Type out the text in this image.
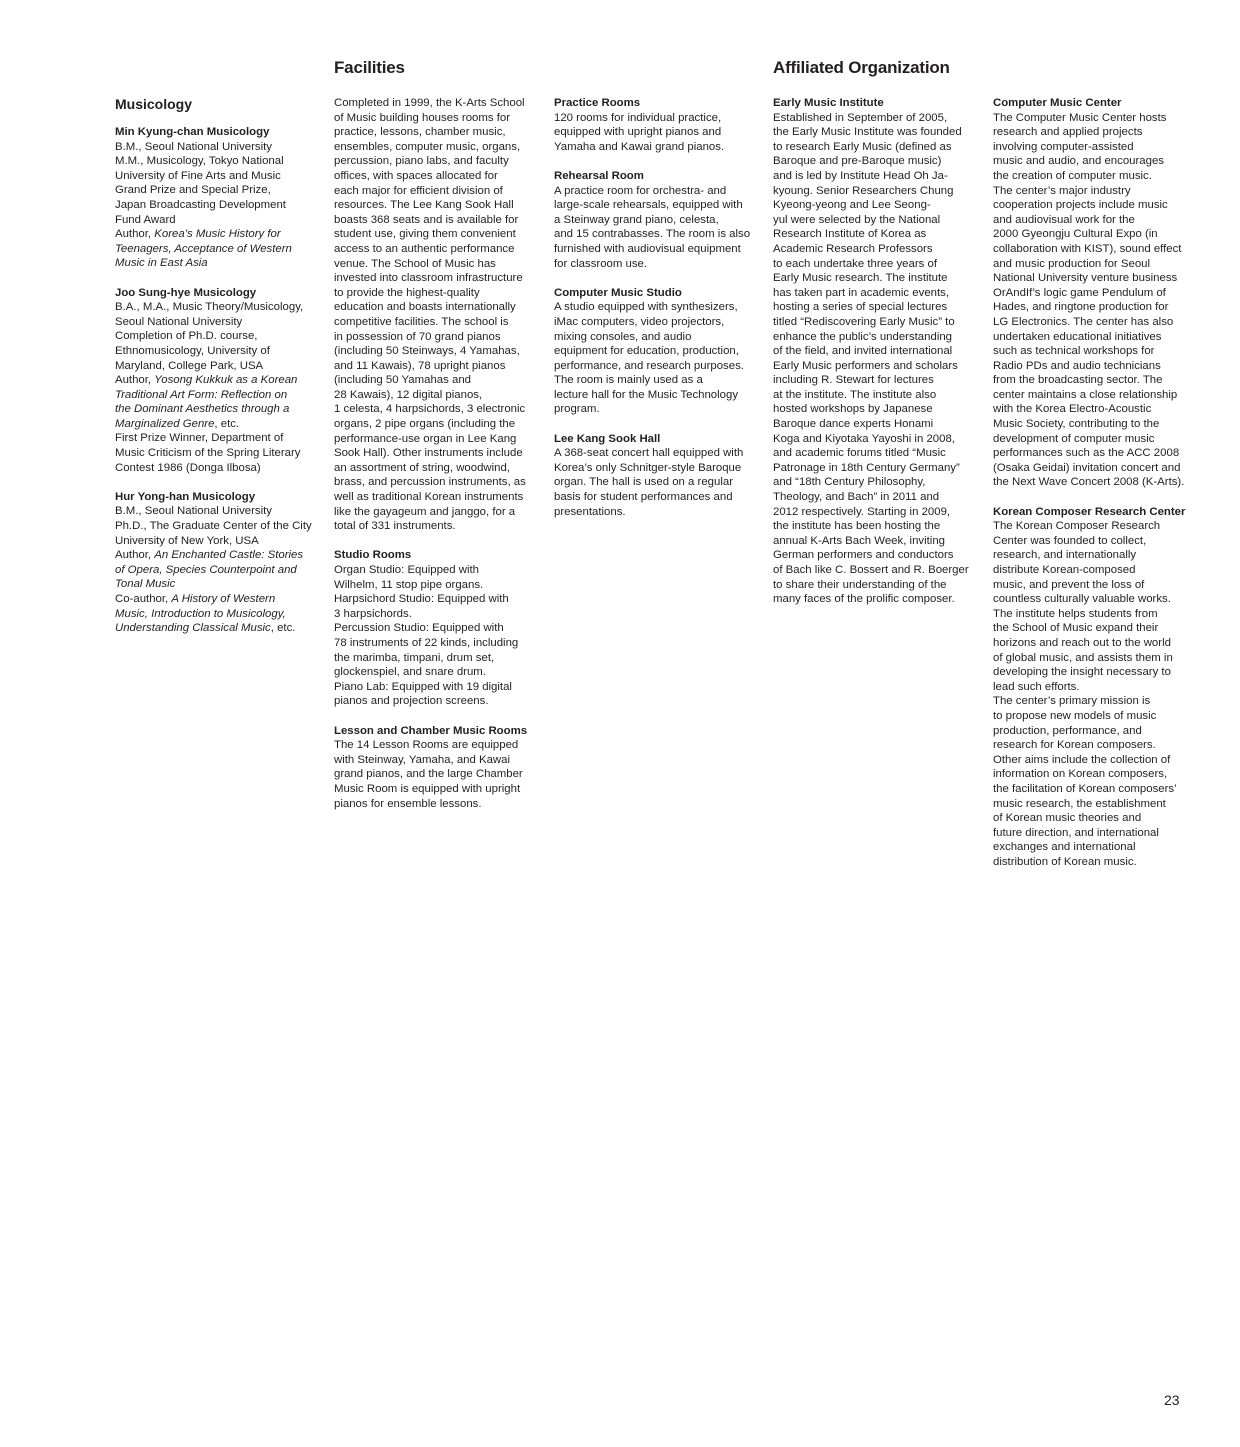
Facilities	Affiliated Organization
Musicology
Min Kyung-chan Musicology
B.M., Seoul National University
M.M., Musicology, Tokyo National
University of Fine Arts and Music
Grand Prize and Special Prize,
Japan Broadcasting Development
Fund Award
Author, Korea’s Music History for
Teenagers, Acceptance of Western
Music in East Asia
Joo Sung-hye Musicology
B.A., M.A., Music Theory/Musicology,
Seoul National University
Completion of Ph.D. course,
Ethnomusicology, University of
Maryland, College Park, USA
Author, Yosong Kukkuk as a Korean
Traditional Art Form: Reflection on
the Dominant Aesthetics through a
Marginalized Genre, etc.
First Prize Winner, Department of
Music Criticism of the Spring Literary
Contest 1986 (Donga Ilbosa)
Hur Yong-han Musicology
B.M., Seoul National University
Ph.D., The Graduate Center of the City
University of New York, USA
Author, An Enchanted Castle: Stories
of Opera, Species Counterpoint and
Tonal Music
Co-author, A History of Western
Music, Introduction to Musicology,
Understanding Classical Music, etc.
Completed in 1999, the K-Arts School
of Music building houses rooms for
practice, lessons, chamber music,
ensembles, computer music, organs,
percussion, piano labs, and faculty
offices, with spaces allocated for
each major for efficient division of
resources. The Lee Kang Sook Hall
boasts 368 seats and is available for
student use, giving them convenient
access to an authentic performance
venue. The School of Music has
invested into classroom infrastructure
to provide the highest-quality
education and boasts internationally
competitive facilities. The school is
in possession of 70 grand pianos
(including 50 Steinways, 4 Yamahas,
and 11 Kawais), 78 upright pianos
(including 50 Yamahas and
28 Kawais), 12 digital pianos,
1 celesta, 4 harpsichords, 3 electronic
organs, 2 pipe organs (including the
performance-use organ in Lee Kang
Sook Hall). Other instruments include
an assortment of string, woodwind,
brass, and percussion instruments, as
well as traditional Korean instruments
like the gayageum and janggo, for a
total of 331 instruments.
Studio Rooms
Organ Studio: Equipped with
Wilhelm, 11 stop pipe organs.
Harpsichord Studio: Equipped with
3 harpsichords.
Percussion Studio: Equipped with
78 instruments of 22 kinds, including
the marimba, timpani, drum set,
glockenspiel, and snare drum.
Piano Lab: Equipped with 19 digital
pianos and projection screens.
Lesson and Chamber Music Rooms
The 14 Lesson Rooms are equipped
with Steinway, Yamaha, and Kawai
grand pianos, and the large Chamber
Music Room is equipped with upright
pianos for ensemble lessons.
Practice Rooms
120 rooms for individual practice,
equipped with upright pianos and
Yamaha and Kawai grand pianos.
Rehearsal Room
A practice room for orchestra- and
large-scale rehearsals, equipped with
a Steinway grand piano, celesta,
and 15 contrabasses. The room is also
furnished with audiovisual equipment
for classroom use.
Computer Music Studio
A studio equipped with synthesizers,
iMac computers, video projectors,
mixing consoles, and audio
equipment for education, production,
performance, and research purposes.
The room is mainly used as a
lecture hall for the Music Technology
program.
Lee Kang Sook Hall
A 368-seat concert hall equipped with
Korea’s only Schnitger-style Baroque
organ. The hall is used on a regular
basis for student performances and
presentations.
Early Music Institute
Established in September of 2005,
the Early Music Institute was founded
to research Early Music (defined as
Baroque and pre-Baroque music)
and is led by Institute Head Oh Ja-
kyoung. Senior Researchers Chung
Kyeong-yeong and Lee Seong-
yul were selected by the National
Research Institute of Korea as
Academic Research Professors
to each undertake three years of
Early Music research. The institute
has taken part in academic events,
hosting a series of special lectures
titled “Rediscovering Early Music” to
enhance the public’s understanding
of the field, and invited international
Early Music performers and scholars
including R. Stewart for lectures
at the institute. The institute also
hosted workshops by Japanese
Baroque dance experts Honami
Koga and Kiyotaka Yayoshi in 2008,
and academic forums titled “Music
Patronage in 18th Century Germany”
and “18th Century Philosophy,
Theology, and Bach” in 2011 and
2012 respectively. Starting in 2009,
the institute has been hosting the
annual K-Arts Bach Week, inviting
German performers and conductors
of Bach like C. Bossert and R. Boerger
to share their understanding of the
many faces of the prolific composer.
Computer Music Center
The Computer Music Center hosts
research and applied projects
involving computer-assisted
music and audio, and encourages
the creation of computer music.
The center’s major industry
cooperation projects include music
and audiovisual work for the
2000 Gyeongju Cultural Expo (in
collaboration with KIST), sound effect
and music production for Seoul
National University venture business
OrAndIf’s logic game Pendulum of
Hades, and ringtone production for
LG Electronics. The center has also
undertaken educational initiatives
such as technical workshops for
Radio PDs and audio technicians
from the broadcasting sector. The
center maintains a close relationship
with the Korea Electro-Acoustic
Music Society, contributing to the
development of computer music
performances such as the ACC 2008
(Osaka Geidai) invitation concert and
the Next Wave Concert 2008 (K-Arts).
Korean Composer Research Center
The Korean Composer Research
Center was founded to collect,
research, and internationally
distribute Korean-composed
music, and prevent the loss of
countless culturally valuable works.
The institute helps students from
the School of Music expand their
horizons and reach out to the world
of global music, and assists them in
developing the insight necessary to
lead such efforts.
The center’s primary mission is
to propose new models of music
production, performance, and
research for Korean composers.
Other aims include the collection of
information on Korean composers,
the facilitation of Korean composers’
music research, the establishment
of Korean music theories and
future direction, and international
exchanges and international
distribution of Korean music.
23
